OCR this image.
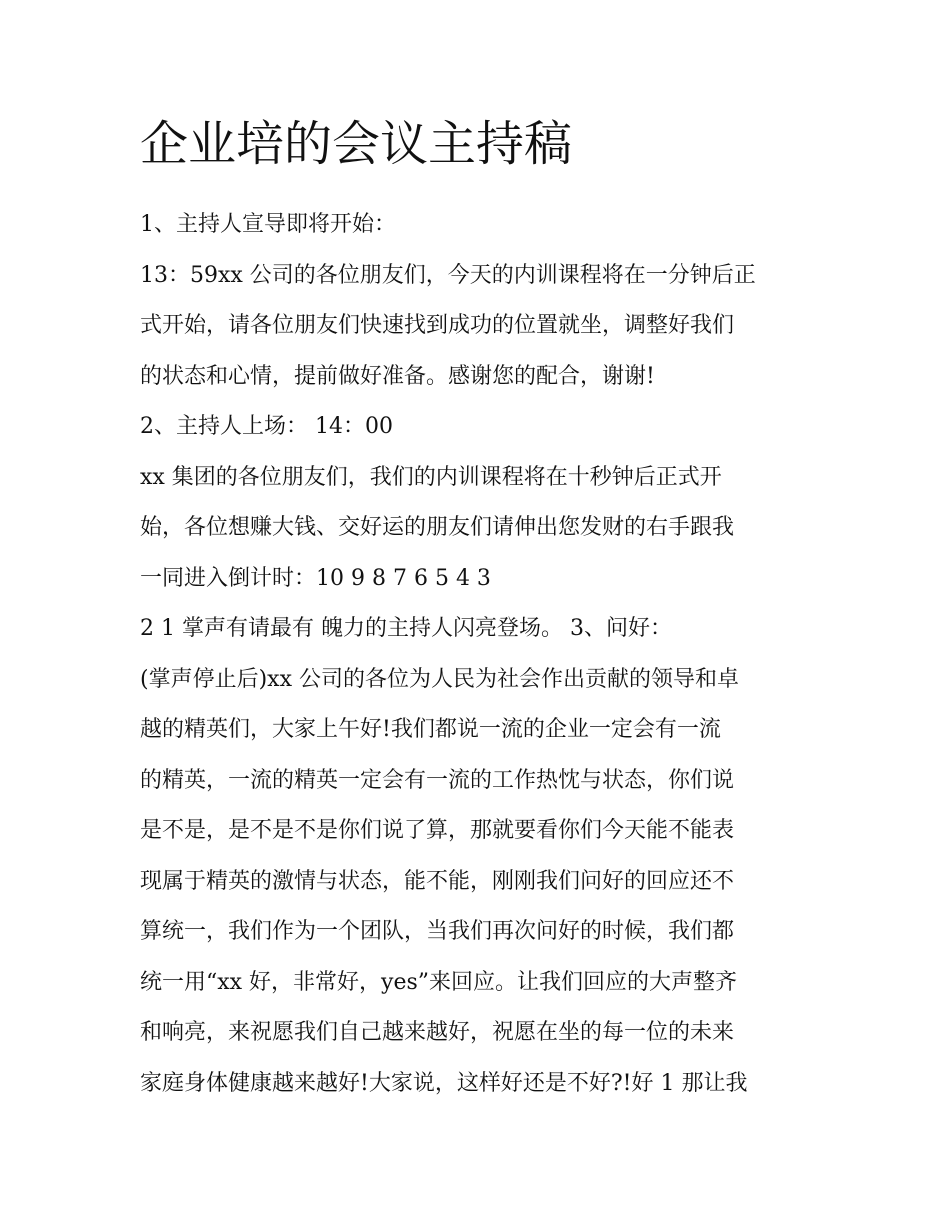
企业培的会议主持稿
1、主持人宣导即将开始：
13：59xx 公司的各位朋友们，今天的内训课程将在一分钟后正
式开始，请各位朋友们快速找到成功的位置就坐，调整好我们
的状态和心情，提前做好准备。感谢您的配合，谢谢!
2、主持人上场： 14：00
xx 集团的各位朋友们，我们的内训课程将在十秒钟后正式开
始，各位想赚大钱、交好运的朋友们请伸出您发财的右手跟我
一同进入倒计时：10 9 8 7 6 5 4 3
2 1 掌声有请最有 魄力的主持人闪亮登场。 3、问好：
(掌声停止后)xx 公司的各位为人民为社会作出贡献的领导和卓
越的精英们，大家上午好!我们都说一流的企业一定会有一流
的精英，一流的精英一定会有一流的工作热忱与状态，你们说
是不是，是不是不是你们说了算，那就要看你们今天能不能表
现属于精英的激情与状态，能不能，刚刚我们问好的回应还不
算统一，我们作为一个团队，当我们再次问好的时候，我们都
统一用“xx 好，非常好，yes”来回应。让我们回应的大声整齐
和响亮，来祝愿我们自己越来越好，祝愿在坐的每一位的未来
家庭身体健康越来越好!大家说，这样好还是不好?!好 1 那让我
